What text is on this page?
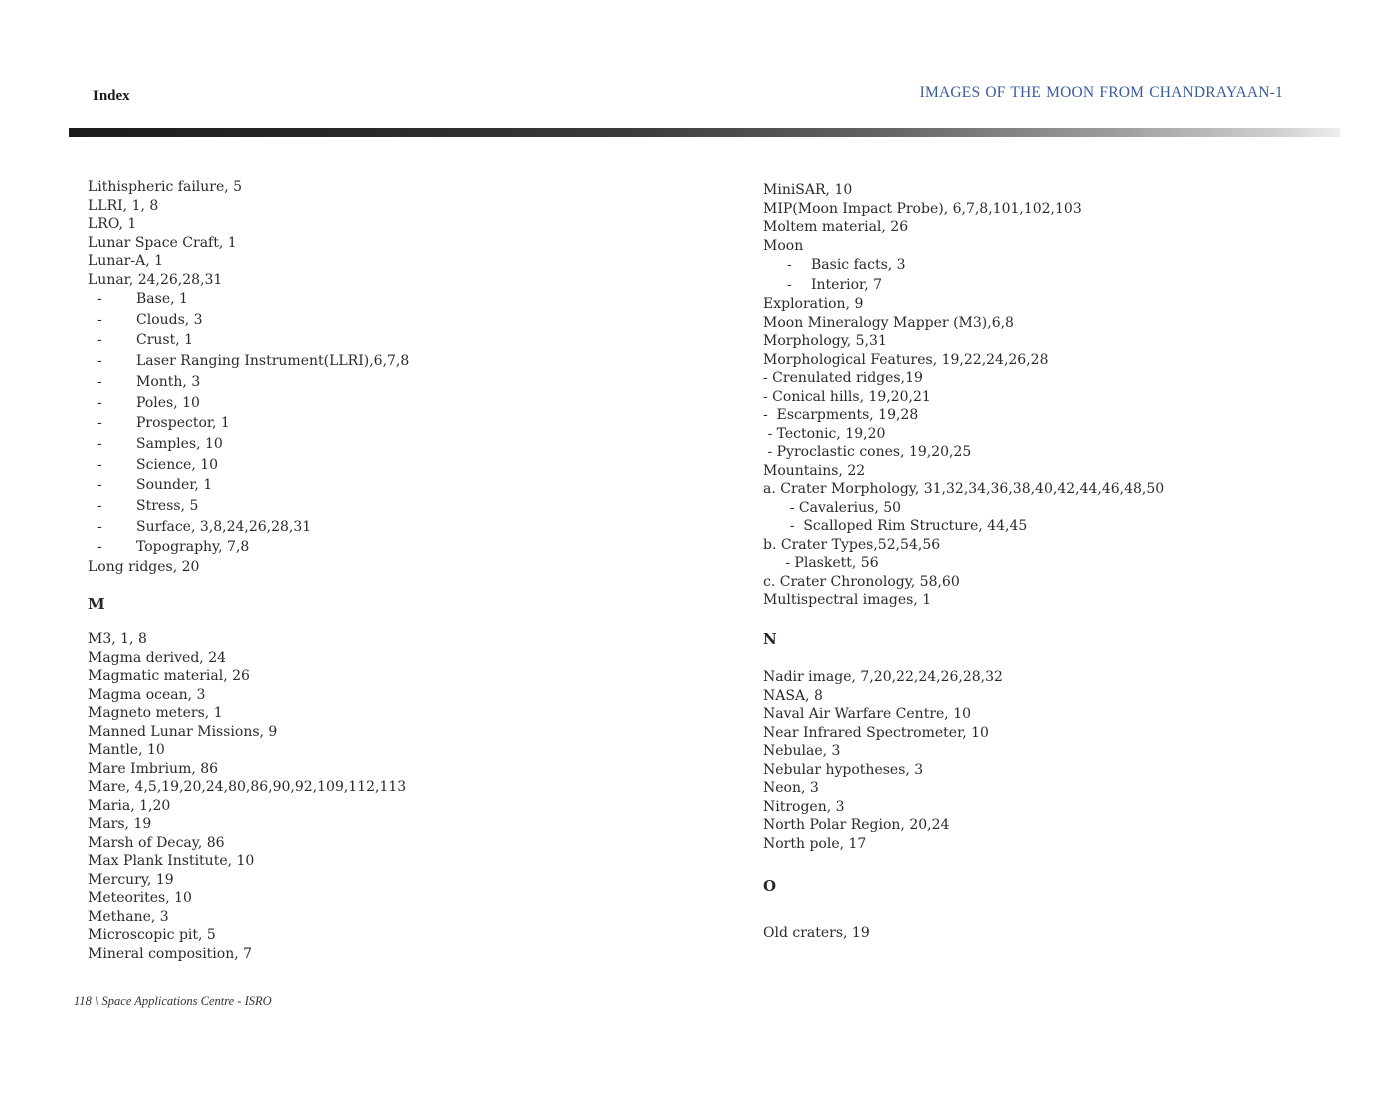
Index	IMAGES OF THE MOON FROM CHANDRAYAAN-1
Lithispheric failure, 5
LLRI, 1, 8
LRO, 1
Lunar Space Craft, 1
Lunar-A, 1
Lunar, 24,26,28,31
- Base, 1
- Clouds, 3
- Crust, 1
- Laser Ranging Instrument(LLRI),6,7,8
- Month, 3
- Poles, 10
- Prospector, 1
- Samples, 10
- Science, 10
- Sounder, 1
- Stress, 5
- Surface, 3,8,24,26,28,31
- Topography, 7,8
Long ridges, 20
M
M3, 1, 8
Magma derived, 24
Magmatic material, 26
Magma ocean, 3
Magneto meters, 1
Manned Lunar Missions, 9
Mantle, 10
Mare Imbrium, 86
Mare, 4,5,19,20,24,80,86,90,92,109,112,113
Maria, 1,20
Mars, 19
Marsh of Decay, 86
Max Plank Institute, 10
Mercury, 19
Meteorites, 10
Methane, 3
Microscopic pit, 5
Mineral composition, 7
MiniSAR, 10
MIP(Moon Impact Probe), 6,7,8,101,102,103
Moltem material, 26
Moon
- Basic facts, 3
- Interior, 7
Exploration, 9
Moon Mineralogy Mapper (M3),6,8
Morphology, 5,31
Morphological Features, 19,22,24,26,28
- Crenulated ridges,19
- Conical hills, 19,20,21
-  Escarpments, 19,28
- Tectonic, 19,20
- Pyroclastic cones, 19,20,25
Mountains, 22
a. Crater Morphology, 31,32,34,36,38,40,42,44,46,48,50
- Cavalerius, 50
-  Scalloped Rim Structure, 44,45
b. Crater Types,52,54,56
- Plaskett, 56
c. Crater Chronology, 58,60
Multispectral images, 1
N
Nadir image, 7,20,22,24,26,28,32
NASA, 8
Naval Air Warfare Centre, 10
Near Infrared Spectrometer, 10
Nebulae, 3
Nebular hypotheses, 3
Neon, 3
Nitrogen, 3
North Polar Region, 20,24
North pole, 17
O
Old craters, 19
118 \ Space Applications Centre - ISRO
